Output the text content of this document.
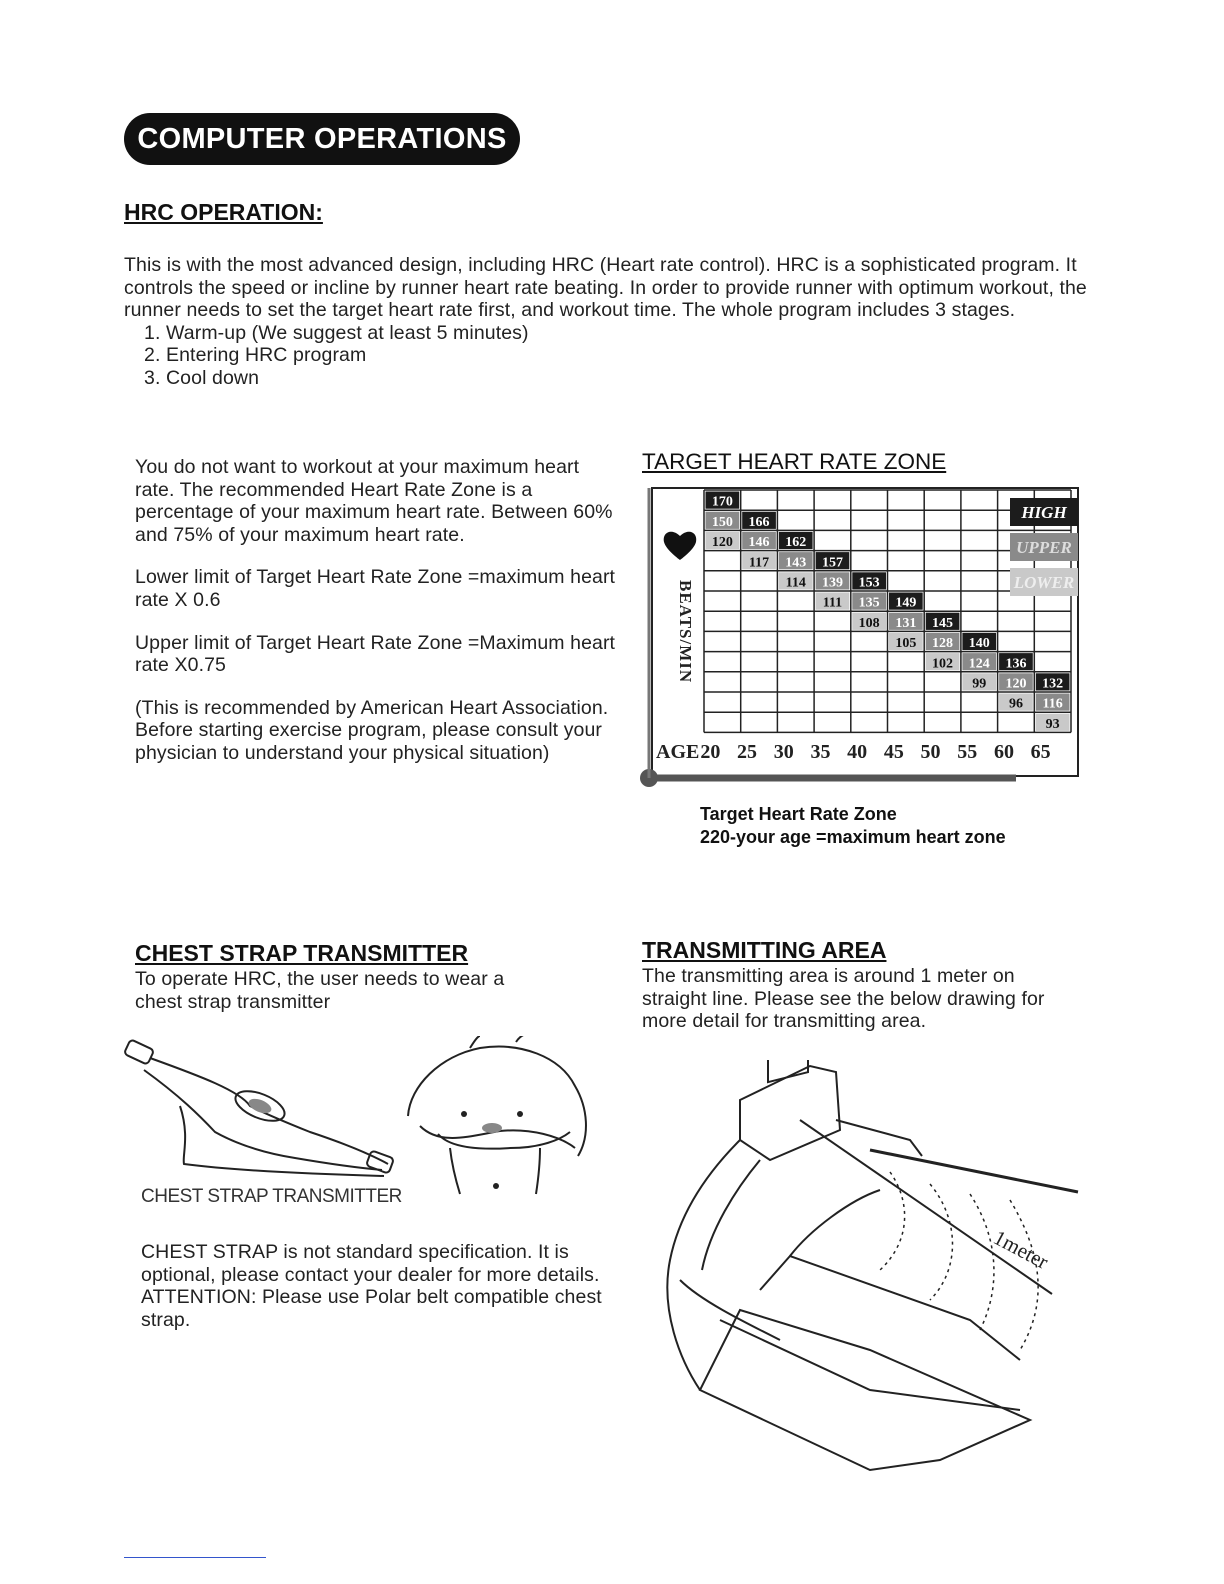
COMPUTER OPERATIONS
HRC OPERATION:

This is with the most advanced design, including HRC (Heart rate control). HRC is a sophisticated program. It controls the speed or incline by runner heart rate beating. In order to provide runner with optimum workout, the runner needs to set the target heart rate first, and workout time. The whole program includes 3 stages.

1. Warm-up (We suggest at least 5 minutes)
2. Entering HRC program
3. Cool down

You do not want to workout at your maximum heart rate. The recommended Heart Rate Zone is a percentage of your maximum heart rate. Between 60% and 75% of your maximum heart rate.

Lower limit of Target Heart Rate Zone =maximum heart rate X 0.6

Upper limit of Target Heart Rate Zone =Maximum heart rate X0.75

(This is recommended by American Heart Association. Before starting exercise program, please consult your physician to understand your physical situation)

TARGET HEART RATE ZONE
170
166
162
157
153
149
145
140
136
132
150
146
143
139
135
131
128
124
120
116
120
117
114
111
108
105
102
99
96
93
BEATS/MIN
AGE 20 25 30 35 40 45 50 55 60 65
HIGH
UPPER
LOWER
Target Heart Rate Zone
220-your age =maximum heart zone
CHEST STRAP TRANSMITTER
To operate HRC, the user needs to wear a chest strap transmitter
CHEST STRAP TRANSMITTER

CHEST STRAP is not standard specification. It is optional, please contact your dealer for more details.

ATTENTION: Please use Polar belt compatible chest strap.

TRANSMITTING AREA
The transmitting area is around 1 meter on straight line. Please see the below drawing for more detail for transmitting area.
1meter
